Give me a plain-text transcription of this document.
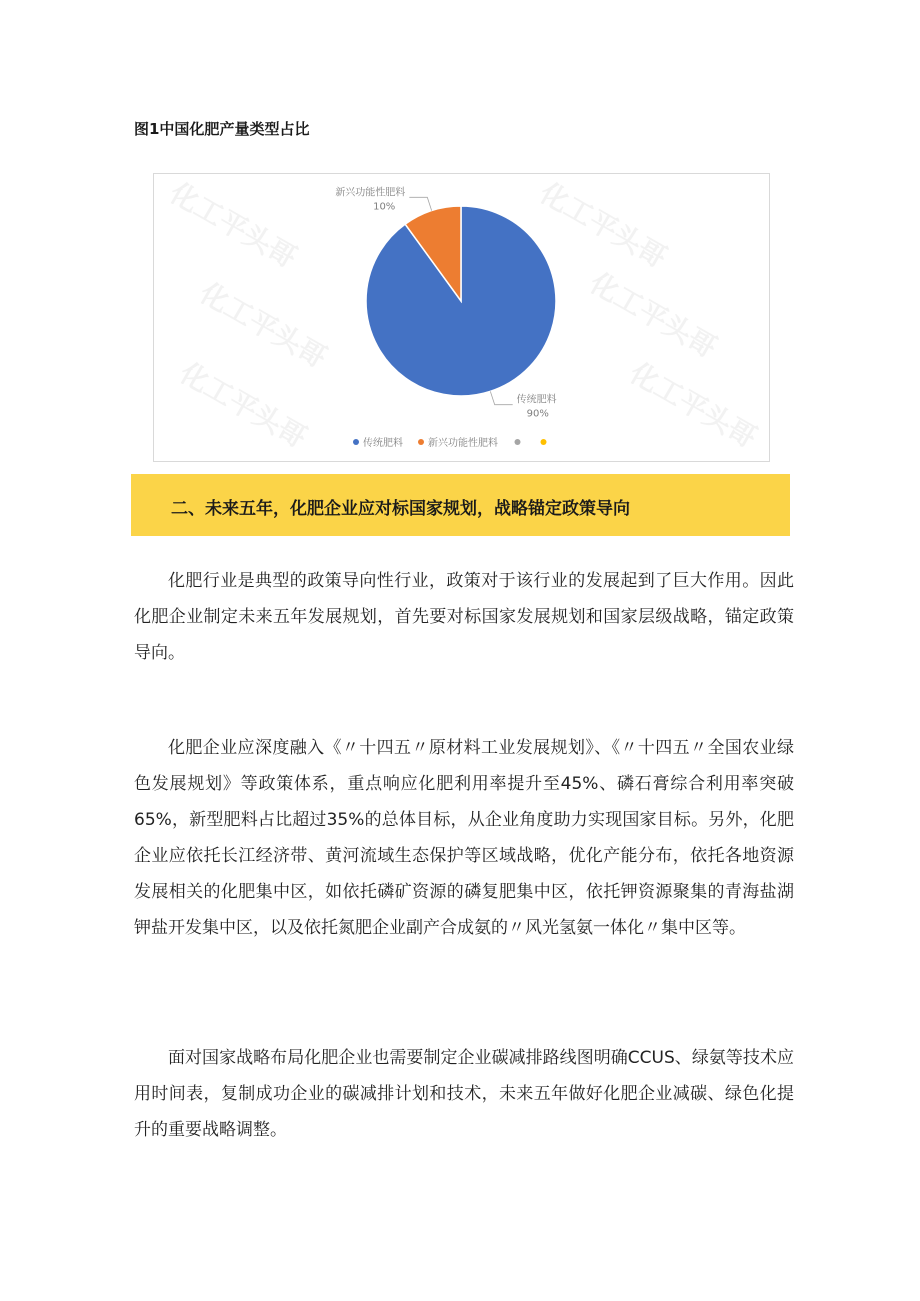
图1中国化肥产量类型占比
化工平头哥
化工平头哥
化工平头哥
化工平头哥
化工平头哥
化工平头哥
传统肥料
90%
新兴功能性肥料
10%
传统肥料	新兴功能性肥料
二、未来五年，化肥企业应对标国家规划，战略锚定政策导向

化肥行业是典型的政策导向性行业，政策对于该行业的发展起到了巨大作用。因此化肥企业制定未来五年发展规划，首先要对标国家发展规划和国家层级战略，锚定政策导向。

化肥企业应深度融入《〃十四五〃原材料工业发展规划》、《〃十四五〃全国农业绿色发展规划》等政策体系，重点响应化肥利用率提升至45%、磷石膏综合利用率突破65%，新型肥料占比超过35%的总体目标，从企业角度助力实现国家目标。另外，化肥企业应依托长江经济带、黄河流域生态保护等区域战略，优化产能分布，依托各地资源发展相关的化肥集中区，如依托磷矿资源的磷复肥集中区，依托钾资源聚集的青海盐湖钾盐开发集中区，以及依托氮肥企业副产合成氨的〃风光氢氨一体化〃集中区等。

面对国家战略布局化肥企业也需要制定企业碳减排路线图明确CCUS、绿氨等技术应用时间表，复制成功企业的碳减排计划和技术，未来五年做好化肥企业减碳、绿色化提升的重要战略调整。
